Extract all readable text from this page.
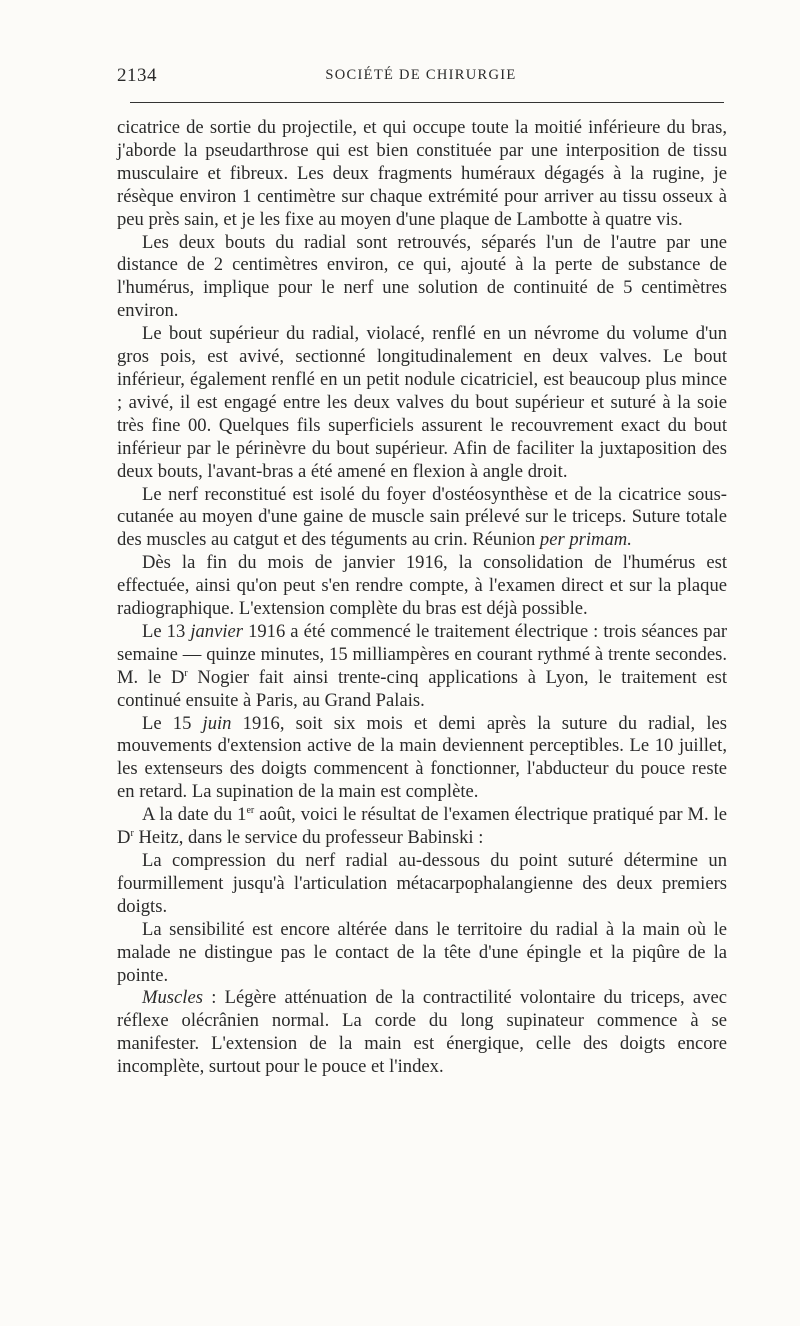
2134	SOCIÉTÉ DE CHIRURGIE

cicatrice de sortie du projectile, et qui occupe toute la moitié inférieure du bras, j'aborde la pseudarthrose qui est bien constituée par une interposition de tissu musculaire et fibreux. Les deux fragments huméraux dégagés à la rugine, je résèque environ 1 centimètre sur chaque extrémité pour arriver au tissu osseux à peu près sain, et je les fixe au moyen d'une plaque de Lambotte à quatre vis.

Les deux bouts du radial sont retrouvés, séparés l'un de l'autre par une distance de 2 centimètres environ, ce qui, ajouté à la perte de substance de l'humérus, implique pour le nerf une solution de continuité de 5 centimètres environ.

Le bout supérieur du radial, violacé, renflé en un névrome du volume d'un gros pois, est avivé, sectionné longitudinalement en deux valves. Le bout inférieur, également renflé en un petit nodule cicatriciel, est beaucoup plus mince ; avivé, il est engagé entre les deux valves du bout supérieur et suturé à la soie très fine 00. Quelques fils superficiels assurent le recouvrement exact du bout inférieur par le périnèvre du bout supérieur. Afin de faciliter la juxtaposition des deux bouts, l'avant-bras a été amené en flexion à angle droit.

Le nerf reconstitué est isolé du foyer d'ostéosynthèse et de la cicatrice sous-cutanée au moyen d'une gaine de muscle sain prélevé sur le triceps. Suture totale des muscles au catgut et des téguments au crin. Réunion per primam.

Dès la fin du mois de janvier 1916, la consolidation de l'humérus est effectuée, ainsi qu'on peut s'en rendre compte, à l'examen direct et sur la plaque radiographique. L'extension complète du bras est déjà possible.

Le 13 janvier 1916 a été commencé le traitement électrique : trois séances par semaine — quinze minutes, 15 milliampères en courant rythmé à trente secondes. M. le $D^r$ Nogier fait ainsi trente-cinq applications à Lyon, le traitement est continué ensuite à Paris, au Grand Palais.

Le 15 juin 1916, soit six mois et demi après la suture du radial, les mouvements d'extension active de la main deviennent perceptibles. Le 10 juillet, les extenseurs des doigts commencent à fonctionner, l'abducteur du pouce reste en retard. La supination de la main est complète.

A la date du 1er août, voici le résultat de l'examen électrique pratiqué par M. le $D^r$ Heitz, dans le service du professeur Babinski :

La compression du nerf radial au-dessous du point suturé détermine un fourmillement jusqu'à l'articulation métacarpophalangienne des deux premiers doigts.

La sensibilité est encore altérée dans le territoire du radial à la main où le malade ne distingue pas le contact de la tête d'une épingle et la piqûre de la pointe.

Muscles : Légère atténuation de la contractilité volontaire du triceps, avec réflexe olécrânien normal. La corde du long supinateur commence à se manifester. L'extension de la main est énergique, celle des doigts encore incomplète, surtout pour le pouce et l'index.
